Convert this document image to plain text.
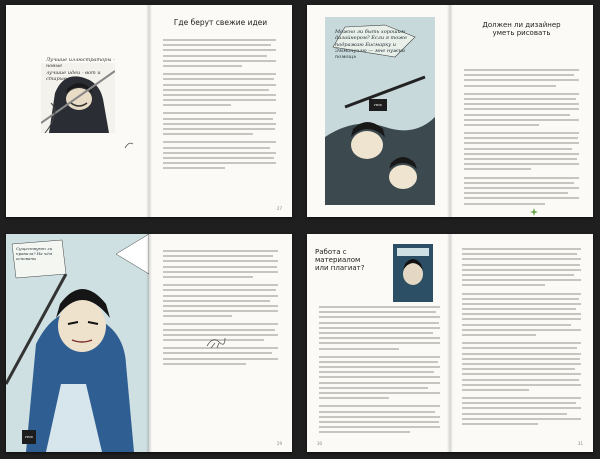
Лучшие иллюстраторы - новые
лучшие идеи - вот и
старые
Где берут свежие идеи
27
Можно ли быть хорошим дизайнером? Если я тоже подражаю Бисмарку и Эммануэлю — мне нужна помощь
УРОК
Должен ли дизайнер
уметь рисовать
Существуют ли правила? На чём основаны
УРОК
29
Работа с материалом
или плагиат?
30	31
